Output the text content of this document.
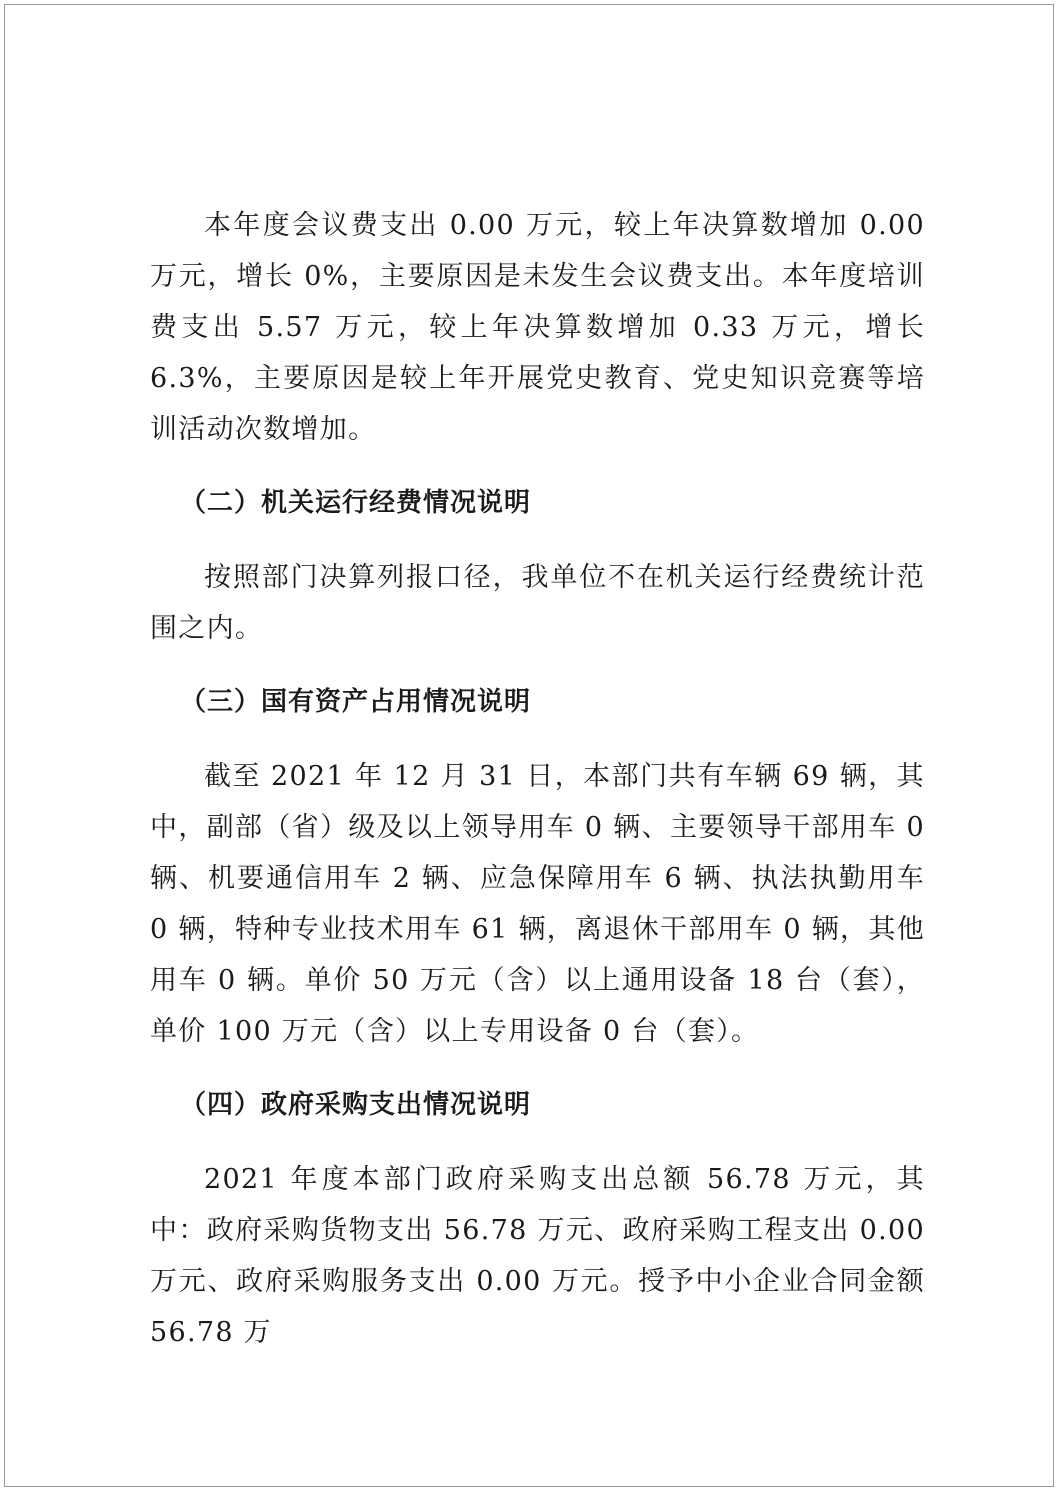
本年度会议费支出 0.00 万元，较上年决算数增加 0.00 万元，增长 0%，主要原因是未发生会议费支出。本年度培训费支出 5.57 万元，较上年决算数增加 0.33 万元，增长 6.3%，主要原因是较上年开展党史教育、党史知识竞赛等培训活动次数增加。

（二）机关运行经费情况说明

按照部门决算列报口径，我单位不在机关运行经费统计范围之内。

（三）国有资产占用情况说明

截至 2021 年 12 月 31 日，本部门共有车辆 69 辆，其中，副部（省）级及以上领导用车 0 辆、主要领导干部用车 0 辆、机要通信用车 2 辆、应急保障用车 6 辆、执法执勤用车 0 辆，特种专业技术用车 61 辆，离退休干部用车 0 辆，其他用车 0 辆。单价 50 万元（含）以上通用设备 18 台（套），单价 100 万元（含）以上专用设备 0 台（套）。

（四）政府采购支出情况说明

2021 年度本部门政府采购支出总额 56.78 万元，其中：政府采购货物支出 56.78 万元、政府采购工程支出 0.00 万元、政府采购服务支出 0.00 万元。授予中小企业合同金额 56.78 万
